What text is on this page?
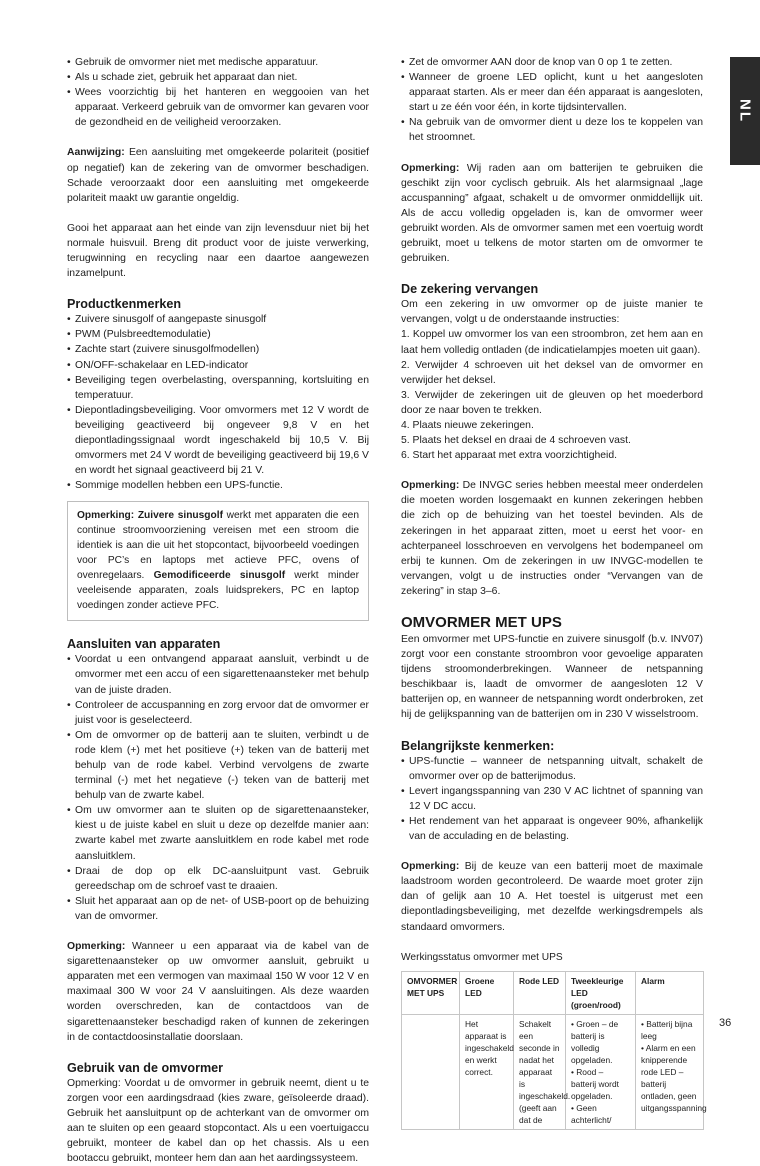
NL
• Gebruik de omvormer niet met medische apparatuur.
• Als u schade ziet, gebruik het apparaat dan niet.
• Wees voorzichtig bij het hanteren en weggooien van het apparaat. Verkeerd gebruik van de omvormer kan gevaren voor de gezondheid en de veiligheid veroorzaken.

Aanwijzing: Een aansluiting met omgekeerde polariteit (positief op negatief) kan de zekering van de omvormer beschadigen. Schade veroorzaakt door een aansluiting met omgekeerde polariteit maakt uw garantie ongeldig.

Gooi het apparaat aan het einde van zijn levensduur niet bij het normale huisvuil. Breng dit product voor de juiste verwerking, terugwinning en recycling naar een daartoe aangewezen inzamelpunt.

Productkenmerken
• Zuivere sinusgolf of aangepaste sinusgolf
• PWM (Pulsbreedtemodulatie)
• Zachte start (zuivere sinusgolfmodellen)
• ON/OFF-schakelaar en LED-indicator
• Beveiliging tegen overbelasting, overspanning, kortsluiting en temperatuur.
• Diepontladingsbeveiliging. Voor omvormers met 12 V wordt de beveiliging geactiveerd bij ongeveer 9,8 V en het diepontladingssignaal wordt ingeschakeld bij 10,5 V. Bij omvormers met 24 V wordt de beveiliging geactiveerd bij 19,6 V en wordt het signaal geactiveerd bij 21 V.
• Sommige modellen hebben een UPS-functie.

Opmerking: Zuivere sinusgolf werkt met apparaten die een continue stroomvoorziening vereisen met een stroom die identiek is aan die uit het stopcontact, bijvoorbeeld voedingen voor PC’s en laptops met actieve PFC, ovens of ovenregelaars. Gemodificeerde sinusgolf werkt minder veeleisende apparaten, zoals luidsprekers, PC en laptop voedingen zonder actieve PFC.

Aansluiten van apparaten
• Voordat u een ontvangend apparaat aansluit, verbindt u de omvormer met een accu of een sigarettenaansteker met behulp van de juiste draden.
• Controleer de accuspanning en zorg ervoor dat de omvormer er juist voor is geselecteerd.
• Om de omvormer op de batterij aan te sluiten, verbindt u de rode klem (+) met het positieve (+) teken van de batterij met behulp van de rode kabel. Verbind vervolgens de zwarte terminal (-) met het negatieve (-) teken van de batterij met behulp van de zwarte kabel.
• Om uw omvormer aan te sluiten op de sigarettenaansteker, kiest u de juiste kabel en sluit u deze op dezelfde manier aan: zwarte kabel met zwarte aansluitklem en rode kabel met rode aansluitklem.
• Draai de dop op elk DC-aansluitpunt vast. Gebruik gereedschap om de schroef vast te draaien.
• Sluit het apparaat aan op de net- of USB-poort op de behuizing van de omvormer.

Opmerking: Wanneer u een apparaat via de kabel van de sigarettenaansteker op uw omvormer aansluit, gebruikt u apparaten met een vermogen van maximaal 150 W voor 12 V en maximaal 300 W voor 24 V aansluitingen. Als deze waarden worden overschreden, kan de contactdoos van de sigarettenaansteker beschadigd raken of kunnen de zekeringen in de contactdoosinstallatie doorslaan.

Gebruik van de omvormer

Opmerking: Voordat u de omvormer in gebruik neemt, dient u te zorgen voor een aardingsdraad (kies zware, geïsoleerde draad). Gebruik het aansluitpunt op de achterkant van de omvormer om aan te sluiten op een geaard stopcontact. Als u een voertuigaccu gebruikt, monteer de kabel dan op het chassis. Als u een bootaccu gebruikt, monteer hem dan aan het aardingssysteem.

• Zet de omvormer AAN door de knop van 0 op 1 te zetten.
• Wanneer de groene LED oplicht, kunt u het aangesloten apparaat starten. Als er meer dan één apparaat is aangesloten, start u ze één voor één, in korte tijdsintervallen.
• Na gebruik van de omvormer dient u deze los te koppelen van het stroomnet.

Opmerking: Wij raden aan om batterijen te gebruiken die geschikt zijn voor cyclisch gebruik. Als het alarmsignaal „lage accuspanning” afgaat, schakelt u de omvormer onmiddellijk uit. Als de accu volledig opgeladen is, kan de omvormer weer gebruikt worden. Als de omvormer samen met een voertuig wordt gebruikt, moet u telkens de motor starten om de omvormer te gebruiken.

De zekering vervangen

Om een zekering in uw omvormer op de juiste manier te vervangen, volgt u de onderstaande instructies:

1. Koppel uw omvormer los van een stroombron, zet hem aan en laat hem volledig ontladen (de indicatielampjes moeten uit gaan).
2. Verwijder 4 schroeven uit het deksel van de omvormer en verwijder het deksel.
3. Verwijder de zekeringen uit de gleuven op het moederbord door ze naar boven te trekken.
4. Plaats nieuwe zekeringen.
5. Plaats het deksel en draai de 4 schroeven vast.
6. Start het apparaat met extra voorzichtigheid.

Opmerking: De INVGC series hebben meestal meer onderdelen die moeten worden losgemaakt en kunnen zekeringen hebben die zich op de behuizing van het toestel bevinden. Als de zekeringen in het apparaat zitten, moet u eerst het voor- en achterpaneel losschroeven en vervolgens het bodempaneel om erbij te kunnen. Om de zekeringen in uw INVGC-modellen te vervangen, volgt u de instructies onder “Vervangen van de zekering” in stap 3–6.

OMVORMER MET UPS

Een omvormer met UPS-functie en zuivere sinusgolf (b.v. INV07) zorgt voor een constante stroombron voor gevoelige apparaten tijdens stroomonderbrekingen. Wanneer de netspanning beschikbaar is, laadt de omvormer de aangesloten 12 V batterijen op, en wanneer de netspanning wordt onderbroken, zet hij de gelijkspanning van de batterijen om in 230 V wisselstroom.

Belangrijkste kenmerken:
• UPS-functie – wanneer de netspanning uitvalt, schakelt de omvormer over op de batterijmodus.
• Levert ingangsspanning van 230 V AC lichtnet of spanning van 12 V DC accu.
• Het rendement van het apparaat is ongeveer 90%, afhankelijk van de acculading en de belasting.

Opmerking: Bij de keuze van een batterij moet de maximale laadstroom worden gecontroleerd. De waarde moet groter zijn dan of gelijk aan 10 A. Het toestel is uitgerust met een diepontladingsbeveiliging, met dezelfde werkingsdrempels als standaard omvormers.

Werkingsstatus omvormer met UPS

OMVORMER MET UPS	Groene LED	Rode LED	Tweekleurige LED (groen/rood)	Alarm
	Het apparaat is ingeschakeld en werkt correct.	Schakelt een seconde in nadat het apparaat is ingeschakeld. (geeft aan dat de	• Groen – de batterij is volledig opgeladen.
• Rood – batterij wordt opgeladen.
• Geen achterlicht/	• Batterij bijna leeg
• Alarm en een knipperende rode LED – batterij ontladen, geen uitgangsspanning
36
